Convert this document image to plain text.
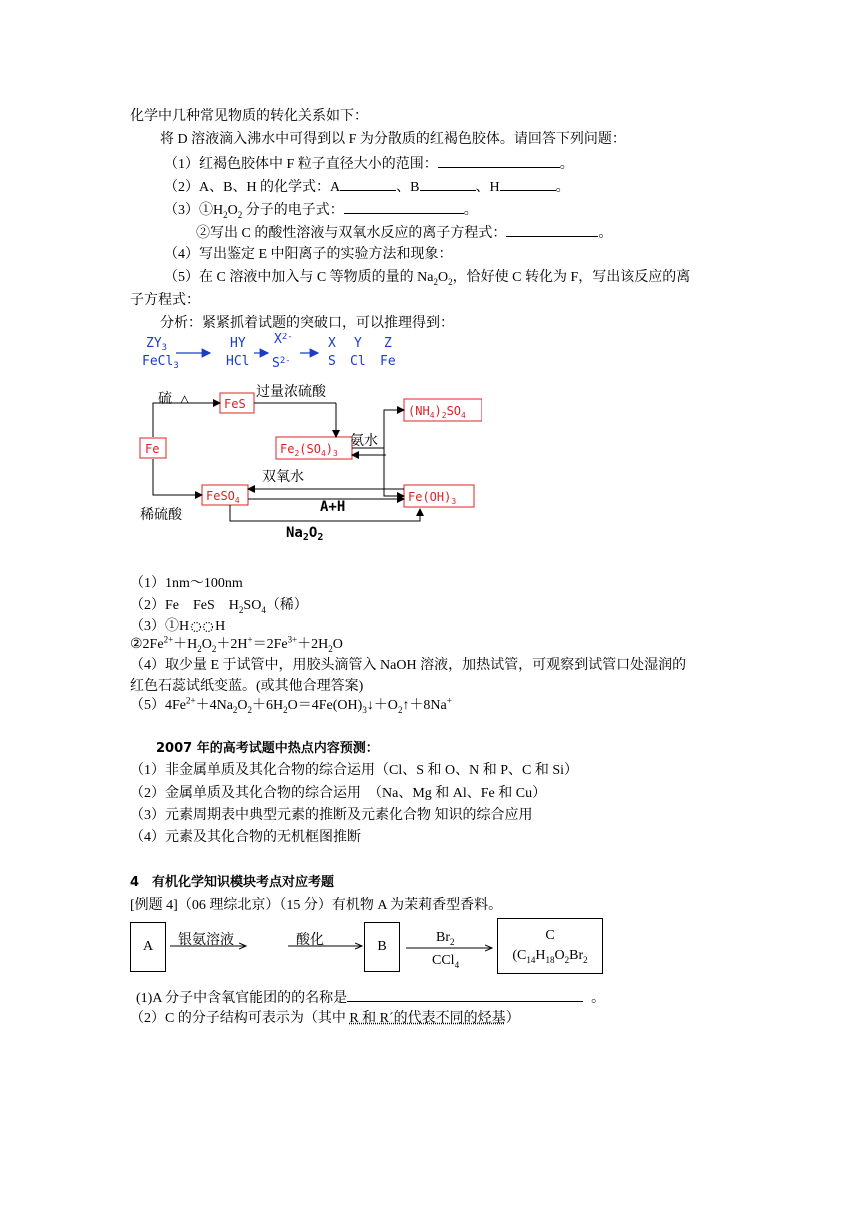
化学中几种常见物质的转化关系如下：
将 D 溶液滴入沸水中可得到以 F 为分散质的红褐色胶体。请回答下列问题：
（1）红褐色胶体中 F 粒子直径大小的范围：	。
（2）A、B、H 的化学式：A	、B	、H	。
$(3)①H_2O_2$ 分子的电子式：	。
②写出 C 的酸性溶液与双氧水反应的离子方程式：	。
（4）写出鉴定 E 中阳离子的实验方法和现象：
（5）在 C 溶液中加入与 C 等物质的量的 $Na_2O_2$，恰好使 C 转化为 F，写出该反应的离
子方程式：
分析：紧紧抓着试题的突破口，可以推理得到：
$ZY_3$
FeCl$_3$
HY
HCl
$X^{2-}$
$S^{2-}$
X
S
Y
Cl
Z
Fe
Fe
FeS
$Fe_2(SO_4)_3$
$(NH_4)_2SO_4$
FeSO$_4$	$Fe(OH)_3$
硫 △	过量浓硫酸
氨水
双氧水
稀硫酸	A+H
$Na_2O_2$
（1）1nm～100nm
（2）Fe　FeS　$H_2SO_4$（稀）
（3）①H H
$②2Fe^{2+}+H_2O_2+2H^+=2Fe^{3+}+2H_2O$
（4）取少量 E 于试管中，用胶头滴管入 NaOH 溶液，加热试管，可观察到试管口处湿润的
红色石蕊试纸变蓝。(或其他合理答案)
$(5)4Fe^{2+}+4Na_2O_2+6H_2O=4Fe(OH)_3↓+O_2↑+8Na^+$
2007 年的高考试题中热点内容预测：
（1）非金属单质及其化合物的综合运用（Cl、S 和 O、N 和 P、C 和 Si）
（2）金属单质及其化合物的综合运用　（Na、Mg 和 Al、Fe 和 Cu）
（3）元素周期表中典型元素的推断及元素化合物 知识的综合应用
（4）元素及其化合物的无机框图推断
4　有机化学知识模块考点对应考题
[例题 4]（06 理综北京）（15 分）有机物 A 为茉莉香型香料。
A	银氨溶液	酸化	B
$Br_2$
CCl$_4$
C
($C_{14}H_{18}O_2Br_2$
(1)A 分子中含氧官能团的的名称是	。
（2）C 的分子结构可表示为（其中 R 和 R´的代表不同的烃基）
